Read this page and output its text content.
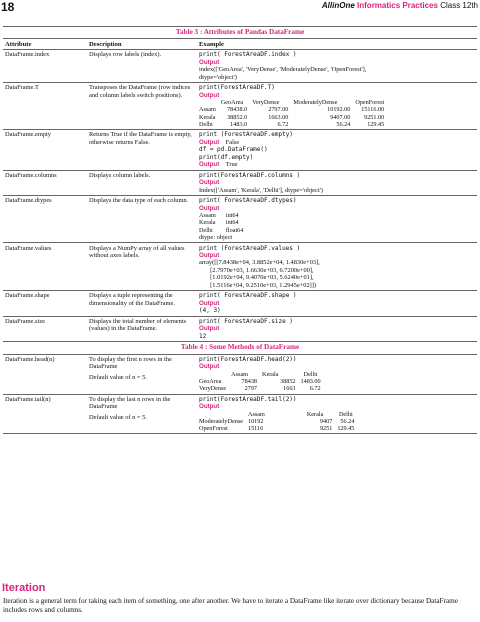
18	AllinOne Informatics Practices Class 12th
Table 3 : Attributes of Pandas DataFrame
Attribute	Description	Example
DataFrame.index	Displays row labels (index).	print( ForestAreaDF.index )
Output
index(['GeoArea', 'VeryDense', 'ModeratelyDense', 'OpenForest'],
dtype='object')

DataFrame.T	Transposes the DataFrame (row indices and column labels switch positions).	
print(ForestAreaDF.T)
Output
	GeoArea	VeryDense	ModeratelyDense	OpenForest
Assam	78438.0	2797.00	10192.00	15116.00
Kerala	38852.0	1663.00	9407.00	9251.00
Delhi	1483.0	6.72	56.24	129.45

DataFrame.empty	Returns True if the DataFrame is empty, otherwise returns False.	
print (ForestAreaDF.empty)
Output False
df = pd.DataFrame()
print(df.empty)
Output True

DataFrame.columns	Displays column labels.	print(ForestAreaDF.columns )
Output
Index(['Assam', 'Kerala', 'Delhi'], dtype='object')

DataFrame.dtypes	Displays the data type of each column.	print( ForestAreaDF.dtypes)
Output
Assam	int64
Kerala	int64
Delhi	float64
dtype: object

DataFrame.values	Displays a NumPy array of all values without axes labels.	
print (ForestAreaDF.values )
Output
array([[7.8438e+04, 3.8852e+04, 1.4830e+03],
[2.7970e+03, 1.6630e+03, 6.7200e+00],
[1.0192e+04, 9.4070e+03, 5.6240e+01],
[1.5116e+04, 9.2510e+03, 1.2945e+02]])

DataFrame.shape	Displays a tuple representing the dimensionality of the DataFrame.	
print( ForestAreaDF.shape )
Output
(4, 3)

DataFrame.size	Displays the total number of elements (values) in the DataFrame.	
print( ForestAreaDF.size )
Output
12

Table 4 : Some Methods of DataFrame
DataFrame.head(n)	To display the first n rows in the DataFrame
Default value of n = 5.

print(ForestAreaDF.head(2))
Output
	Assam	Kerala	Delhi
GeoArea	78438	38852	1483.00
VeryDense	2797	1663	6.72

DataFrame.tail(n)	To display the last n rows in the DataFrame
Default value of n = 5.

print(ForestAreaDF.tail(2))
Output
	Assam	Kerala	Delhi
ModeratelyDense	10192	9407	56.24
OpenForest	15116	9251	129.45
Iteration
Iteration is a general term for taking each item of something, one after another. We have to iterate a DataFrame like iterate over dictionary because DataFrame includes rows and columns.
